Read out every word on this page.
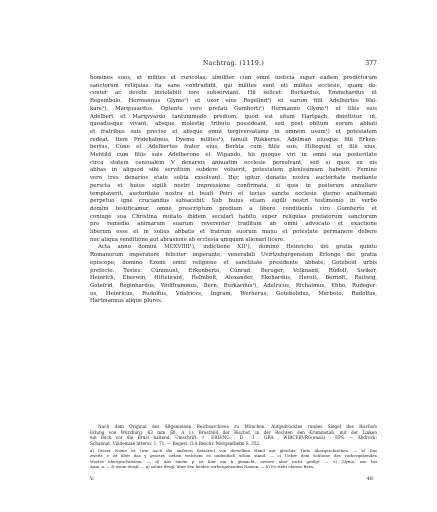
Nachtrag. (1119.)	377
homines suos, et milites et ruricolas, similiter cum omni iusticia super eadem predictorum
sanctorum reliquias ita sane contradidit, qui milites sunt uti milites ecclesie, quam de-
center ac devote inviolabili iore subserviant. Hii sellcet: Burkardus, Emmehardus et
Regembolo, Hermannus Glymo¹) et uxor eius Regelind¹) et earum filii Adelbertus Wal-
kare¹), Marquuardus. Optentu vero prefati Gumberti¹) Hermanno Glymo¹) et filiis suis
Adelbert et Marqvvardo tantummodo predium, quod est situm Hartpach, dimittitur, ut,
quoadusque vivant, absque molestię tributo possideant, sed post obitum eorum abbati
et fratribus suis precise et absque omni tergiversatione in omnem usum¹) et potestatem
redeat. Item Fridehalmus, Dyemo milites¹), famuli Rükkerus, Adelman eiusque filii Erken-
bertus, Cŭno et Adelbertus frater eius, Berhta cum filiis suis, Hiltegunt et filii eius,
Mehtild cum filiis suis Adelberone et Wigando, hii quoque viri in omni sua posteritate
circa statem censualem V denarios annuatim ecclesie persolvant, sed si quos ex eis
abbas in aliquod sibi servitium subdere voluerit, potestatem plenissimam habebit. Femine
vero tres denarios etate solita exsolvant. Hęc igitur donatio nostra auctoritate mediante
perscta et huius sigilli nostri impressione confirmata, si quis in posterum annullare
temptaverit, auctoritate nostra et beati Petri et tocius sancte ecclesie ęterno anathemati
perpetuo igne cruciandus subiacebit. Sub huius etiam sigilli nostri testimonio in verbo
domini testificamur, omne prescriptum predium a libere conditionis viro Gumberto et
coniuge sua Christina mutato ibidem secularī habitu super reliquias prefatorum sanctorum
pro remedio animarum suarum reverenter traditum ab omni advocato et exactione
liberum esse et in solius abbatis et fratrum suorum manu et potestate permanere debere
nec aliqua venditione aut abrasione ab ecclesia ųmquam alienari licere.
Acta anno domini MCXVIIII¹), indictione XII¹), domino Heinricho dei gratia quinto
Romanorum imperatore feliciter imperante, venerabili Uvirtzeburgensium Erlongo dei gratia
episcopo, domino Ezone omni religione et sanctitate presidente abbate, Gotebold urbis
prefecto. Testes: Cŭnimunt, Erkenberto, Cŭnrad, Beruger, Volknand, Rŭdolf, Swiker,
Heinrich, Eberwin, Hiltebrant, Helmbolt, Alexander, Ekehardus, Herolt, Bernolt, Ruitwig,
Gotefrid, Reginhardus, Wolfframmus, Bern, Burkardus¹), Adelricus, Richalmus, Ebbo, Rudeger-
us, Heinricus, Rudolfus, Vdalricvs, Ingram, Werherus, Gotebolidus, Merboto, Rudolfus,
Hartmannus alique plures.
Nach dem Original des Allgemeinen Reichsarchives zu München. Aufgedrücktes rundes Siegel des Bischofs
Erlung von Würzburg: 63 mm (Bl. A 1): Brustbild der Bischof, in der Rechten den Krummstab, mit der Linken
ein Buch vor die Brust haltend; Umschrift: † ERLVNG . D . I . GRA . WIRCEBVRG(ensis) . EPS. — Abdruck:
Schannat, Vindemiae litterar. 1, 71. — Regest: O.A.Beschr. Mergentheim S. 352.
a) Dieser Name ist (wie auch die anderen Beisätze) von derselben Hand mit gleicher Tinte übergeschrieben. — b) Das
zweite e ist über das y gesetzt, neben welchem es undeutlich schon stand. — c) Ueber dem Schlusse des vorhergehenden
Wortes übergeschrieben. — d) Aus einem p ist hier ein h gemacht, erstere aber nicht getilgt. — e) Glymo, wie bei
Anm. a. — f) usum desgl. — g) solitis desgl. über den beiden vorhergehenden Namen. — h) Es steht ebenso Bern.
V.	48
